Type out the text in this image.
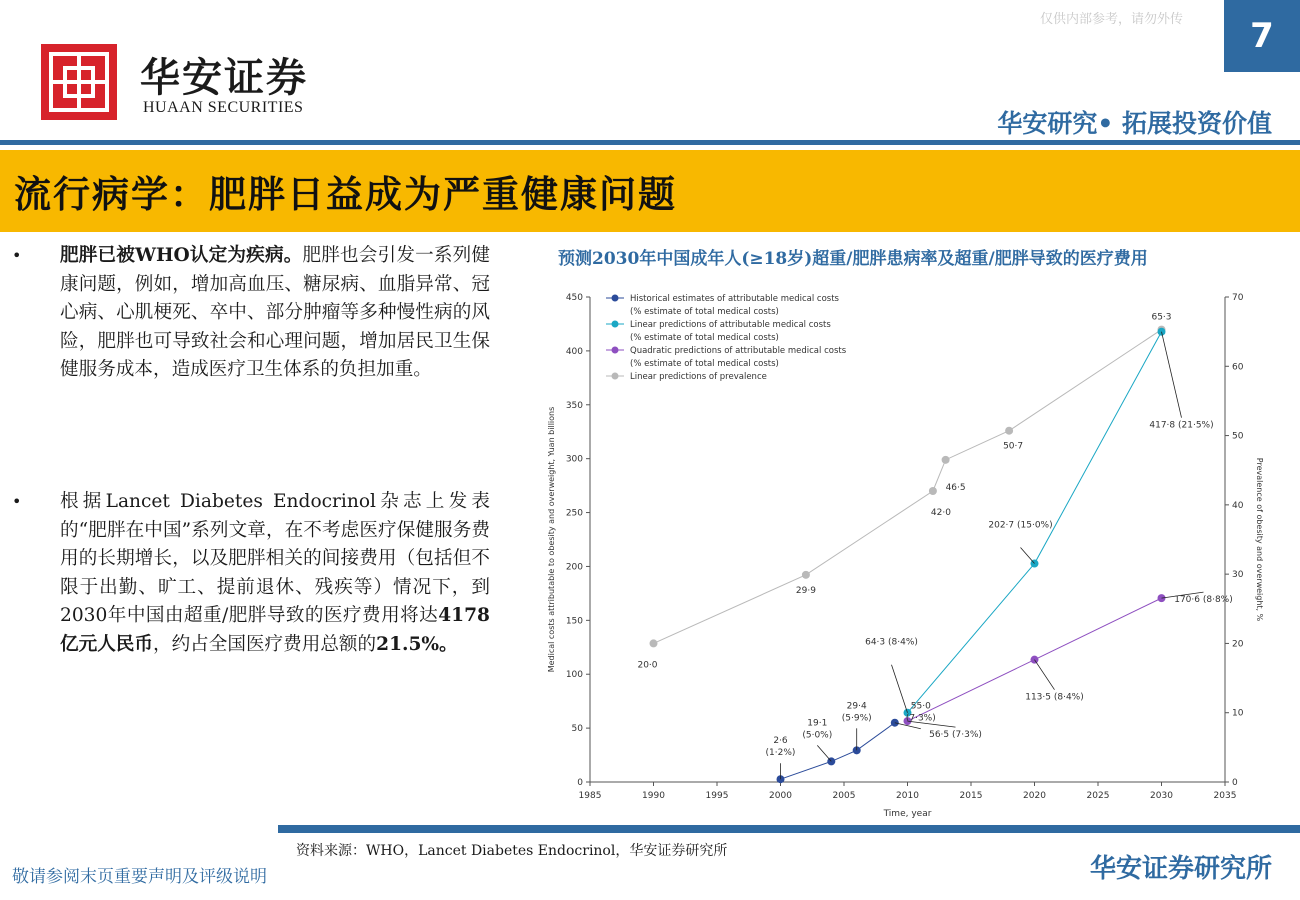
仅供内部参考，请勿外传	7
华安证券
HUAAN SECURITIES
华安研究• 拓展投资价值
流行病学：肥胖日益成为严重健康问题
• 肥胖已被WHO认定为疾病。肥胖也会引发一系列健康问题，例如，增加高血压、糖尿病、血脂异常、冠心病、心肌梗死、卒中、部分肿瘤等多种慢性病的风险，肥胖也可导致社会和心理问题，增加居民卫生保健服务成本，造成医疗卫生体系的负担加重。
• 根据Lancet Diabetes Endocrinol杂志上发表的“肥胖在中国”系列文章，在不考虑医疗保健服务费用的长期增长，以及肥胖相关的间接费用（包括但不限于出勤、旷工、提前退休、残疾等）情况下，到2030年中国由超重/肥胖导致的医疗费用将达4178亿元人民币，约占全国医疗费用总额的21.5%。
预测2030年中国成年人(≥18岁)超重/肥胖患病率及超重/肥胖导致的医疗费用
1985	1990	1995	2000	2005	2010	2015	2020	2025	2030	2035
0
50
100
150
200
250
300
350
400
450
0
10
20
30
40
50
60
70
Time, year
Medical costs attributable to obesity and overweight, Yuan billions	Prevalence of obesity and overweight, %
20·0
29·9
42·0
46·5
50·7
65·3
56·5 (7·3%)
113·5 (8·4%)
170·6 (8·8%)
64·3 (8·4%)
202·7 (15·0%)
417·8 (21·5%)
2·6
(1·2%)
19·1
(5·0%)
29·4
(5·9%)
55·0
(7·3%)
Historical estimates of attributable medical costs
(% estimate of total medical costs)
Linear predictions of attributable medical costs
(% estimate of total medical costs)
Quadratic predictions of attributable medical costs
(% estimate of total medical costs)
Linear predictions of prevalence
资料来源：WHO，Lancet Diabetes Endocrinol，华安证券研究所
敬请参阅末页重要声明及评级说明	华安证券研究所
